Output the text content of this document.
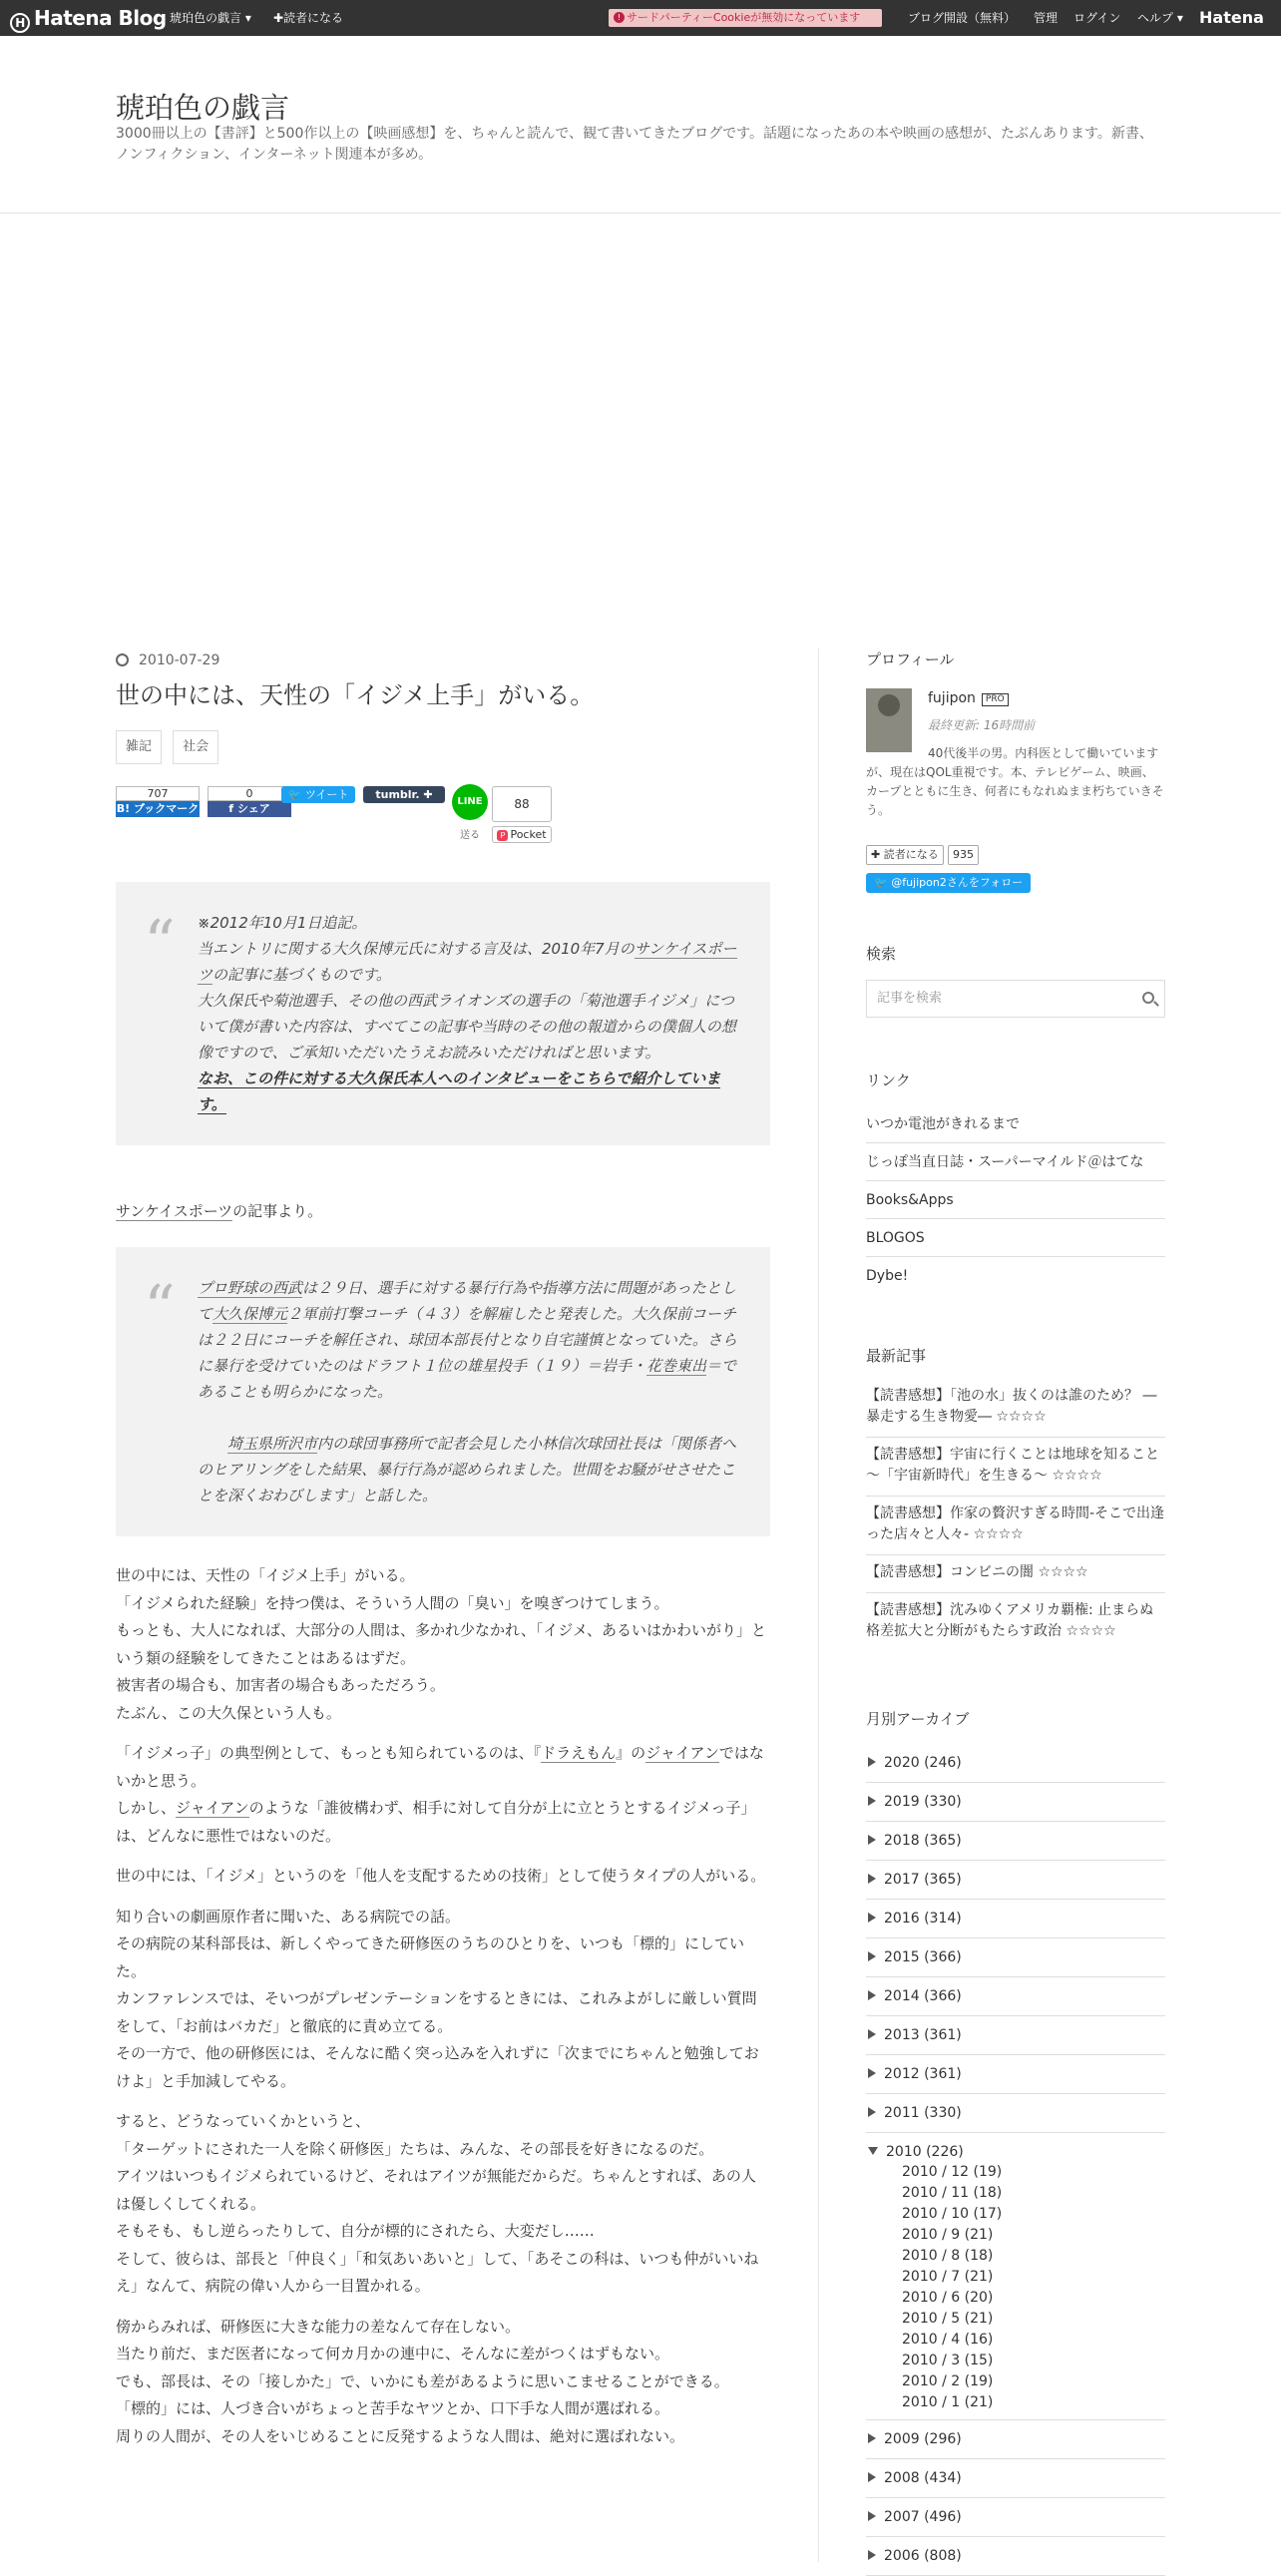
H Hatena Blog 琥珀色の戯言 ▾ ✚読者になる	! サードパーティーCookieが無効になっています	ブログ開設（無料） 管理 ログイン ヘルプ ▾ Hatena
琥珀色の戯言
3000冊以上の【書評】と500作以上の【映画感想】を、ちゃんと読んで、観て書いてきたブログです。話題になったあの本や映画の感想が、たぶんあります。新書、ノンフィクション、インターネット関連本が多め。
2010-07-29
世の中には、天性の「イジメ上手」がいる。
雑記 社会
707
B! ブックマーク
0
f シェア
🐦 ツイート	tumblr. ✚
LINE
送る
88
P Pocket
“ ※2012年10月1日追記。
当エントリに関する大久保博元氏に対する言及は、2010年7月のサンケイスポーツの記事に基づくものです。
大久保氏や菊池選手、その他の西武ライオンズの選手の「菊池選手イジメ」について僕が書いた内容は、すべてこの記事や当時のその他の報道からの僕個人の想像ですので、ご承知いただいたうえお読みいただければと思います。
なお、この件に対する大久保氏本人へのインタビューをこちらで紹介しています。
サンケイスポーツの記事より。
“ プロ野球の西武は２９日、選手に対する暴行行為や指導方法に問題があったとして大久保博元２軍前打撃コーチ（４３）を解雇したと発表した。大久保前コーチは２２日にコーチを解任され、球団本部長付となり自宅謹慎となっていた。さらに暴行を受けていたのはドラフト１位の雄星投手（１９）＝岩手・花巻東出＝であることも明らかになった。

　埼玉県所沢市内の球団事務所で記者会見した小林信次球団社長は「関係者へのヒアリングをした結果、暴行行為が認められました。世間をお騒がせさせたことを深くおわびします」と話した。

世の中には、天性の「イジメ上手」がいる。

「イジメられた経験」を持つ僕は、そういう人間の「臭い」を嗅ぎつけてしまう。

もっとも、大人になれば、大部分の人間は、多かれ少なかれ、「イジメ、あるいはかわいがり」という類の経験をしてきたことはあるはずだ。

被害者の場合も、加害者の場合もあっただろう。

たぶん、この大久保という人も。

「イジメっ子」の典型例として、もっとも知られているのは、『ドラえもん』のジャイアンではないかと思う。

しかし、ジャイアンのような「誰彼構わず、相手に対して自分が上に立とうとするイジメっ子」は、どんなに悪性ではないのだ。

世の中には、「イジメ」というのを「他人を支配するための技術」として使うタイプの人がいる。

知り合いの劇画原作者に聞いた、ある病院での話。

その病院の某科部長は、新しくやってきた研修医のうちのひとりを、いつも「標的」にしていた。

カンファレンスでは、そいつがプレゼンテーションをするときには、これみよがしに厳しい質問をして、「お前はバカだ」と徹底的に責め立てる。

その一方で、他の研修医には、そんなに酷く突っ込みを入れずに「次までにちゃんと勉強しておけよ」と手加減してやる。

すると、どうなっていくかというと、

「ターゲットにされた一人を除く研修医」たちは、みんな、その部長を好きになるのだ。

アイツはいつもイジメられているけど、それはアイツが無能だからだ。ちゃんとすれば、あの人は優しくしてくれる。

そもそも、もし逆らったりして、自分が標的にされたら、大変だし……

そして、彼らは、部長と「仲良く」「和気あいあいと」して、「あそこの科は、いつも仲がいいねえ」なんて、病院の偉い人から一目置かれる。

傍からみれば、研修医に大きな能力の差なんて存在しない。

当たり前だ、まだ医者になって何カ月かの連中に、そんなに差がつくはずもない。

でも、部長は、その「接しかた」で、いかにも差があるように思いこませることができる。

「標的」には、人づき合いがちょっと苦手なヤツとか、口下手な人間が選ばれる。

周りの人間が、その人をいじめることに反発するような人間は、絶対に選ばれない。

プロフィール
fujipon PRO
最終更新: 16時間前
40代後半の男。内科医として働いていますが、現在はQOL重視です。本、テレビゲーム、映画、カープとともに生き、何者にもなれぬまま朽ちていきそう。
✚ 読者になる	935
🐦 @fujipon2さんをフォロー
検索
記事を検索
リンク
いつか電池がきれるまで
じっぽ当直日誌・スーパーマイルド＠はてな
Books&Apps
BLOGOS
Dybe!
最新記事
【読書感想】「池の水」抜くのは誰のため？ ―暴走する生き物愛― ☆☆☆☆
【読書感想】宇宙に行くことは地球を知ること～「宇宙新時代」を生きる～ ☆☆☆☆
【読書感想】作家の贅沢すぎる時間-そこで出逢った店々と人々- ☆☆☆☆
【読書感想】コンビニの闇 ☆☆☆☆
【読書感想】沈みゆくアメリカ覇権: 止まらぬ格差拡大と分断がもたらす政治 ☆☆☆☆
月別アーカイブ
2020 (246)
2019 (330)
2018 (365)
2017 (365)
2016 (314)
2015 (366)
2014 (366)
2013 (361)
2012 (361)
2011 (330)
2010 (226)
2010 / 12 (19)
2010 / 11 (18)
2010 / 10 (17)
2010 / 9 (21)
2010 / 8 (18)
2010 / 7 (21)
2010 / 6 (20)
2010 / 5 (21)
2010 / 4 (16)
2010 / 3 (15)
2010 / 2 (19)
2010 / 1 (21)
2009 (296)
2008 (434)
2007 (496)
2006 (808)
